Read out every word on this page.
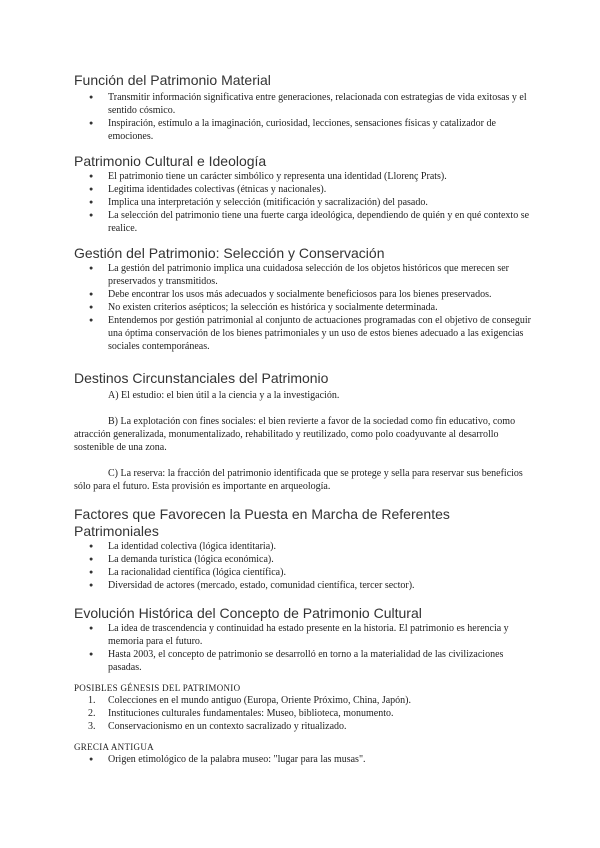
Función del Patrimonio Material
● Transmitir información significativa entre generaciones, relacionada con estrategias de vida exitosas y el sentido cósmico.
● Inspiración, estímulo a la imaginación, curiosidad, lecciones, sensaciones físicas y catalizador de emociones.
Patrimonio Cultural e Ideología
● El patrimonio tiene un carácter simbólico y representa una identidad (Llorenç Prats).
● Legitima identidades colectivas (étnicas y nacionales).
● Implica una interpretación y selección (mitificación y sacralización) del pasado.
● La selección del patrimonio tiene una fuerte carga ideológica, dependiendo de quién y en qué contexto se realice.
Gestión del Patrimonio: Selección y Conservación
● La gestión del patrimonio implica una cuidadosa selección de los objetos históricos que merecen ser preservados y transmitidos.
● Debe encontrar los usos más adecuados y socialmente beneficiosos para los bienes preservados.
● No existen criterios asépticos; la selección es histórica y socialmente determinada.
● Entendemos por gestión patrimonial al conjunto de actuaciones programadas con el objetivo de conseguir una óptima conservación de los bienes patrimoniales y un uso de estos bienes adecuado a las exigencias sociales contemporáneas.
Destinos Circunstanciales del Patrimonio

A) El estudio: el bien útil a la ciencia y a la investigación.

B) La explotación con fines sociales: el bien revierte a favor de la sociedad como fin educativo, como atracción generalizada, monumentalizado, rehabilitado y reutilizado, como polo coadyuvante al desarrollo sostenible de una zona.

C) La reserva: la fracción del patrimonio identificada que se protege y sella para reservar sus beneficios sólo para el futuro. Esta provisión es importante en arqueología.

Factores que Favorecen la Puesta en Marcha de Referentes Patrimoniales
● La identidad colectiva (lógica identitaria).
● La demanda turística (lógica económica).
● La racionalidad científica (lógica científica).
● Diversidad de actores (mercado, estado, comunidad científica, tercer sector).
Evolución Histórica del Concepto de Patrimonio Cultural
● La idea de trascendencia y continuidad ha estado presente en la historia. El patrimonio es herencia y memoria para el futuro.
● Hasta 2003, el concepto de patrimonio se desarrolló en torno a la materialidad de las civilizaciones pasadas.

POSIBLES GÉNESIS DEL PATRIMONIO

1. Colecciones en el mundo antiguo (Europa, Oriente Próximo, China, Japón).
2. Instituciones culturales fundamentales: Museo, biblioteca, monumento.
3. Conservacionismo en un contexto sacralizado y ritualizado.

GRECIA ANTIGUA

● Origen etimológico de la palabra museo: "lugar para las musas".
